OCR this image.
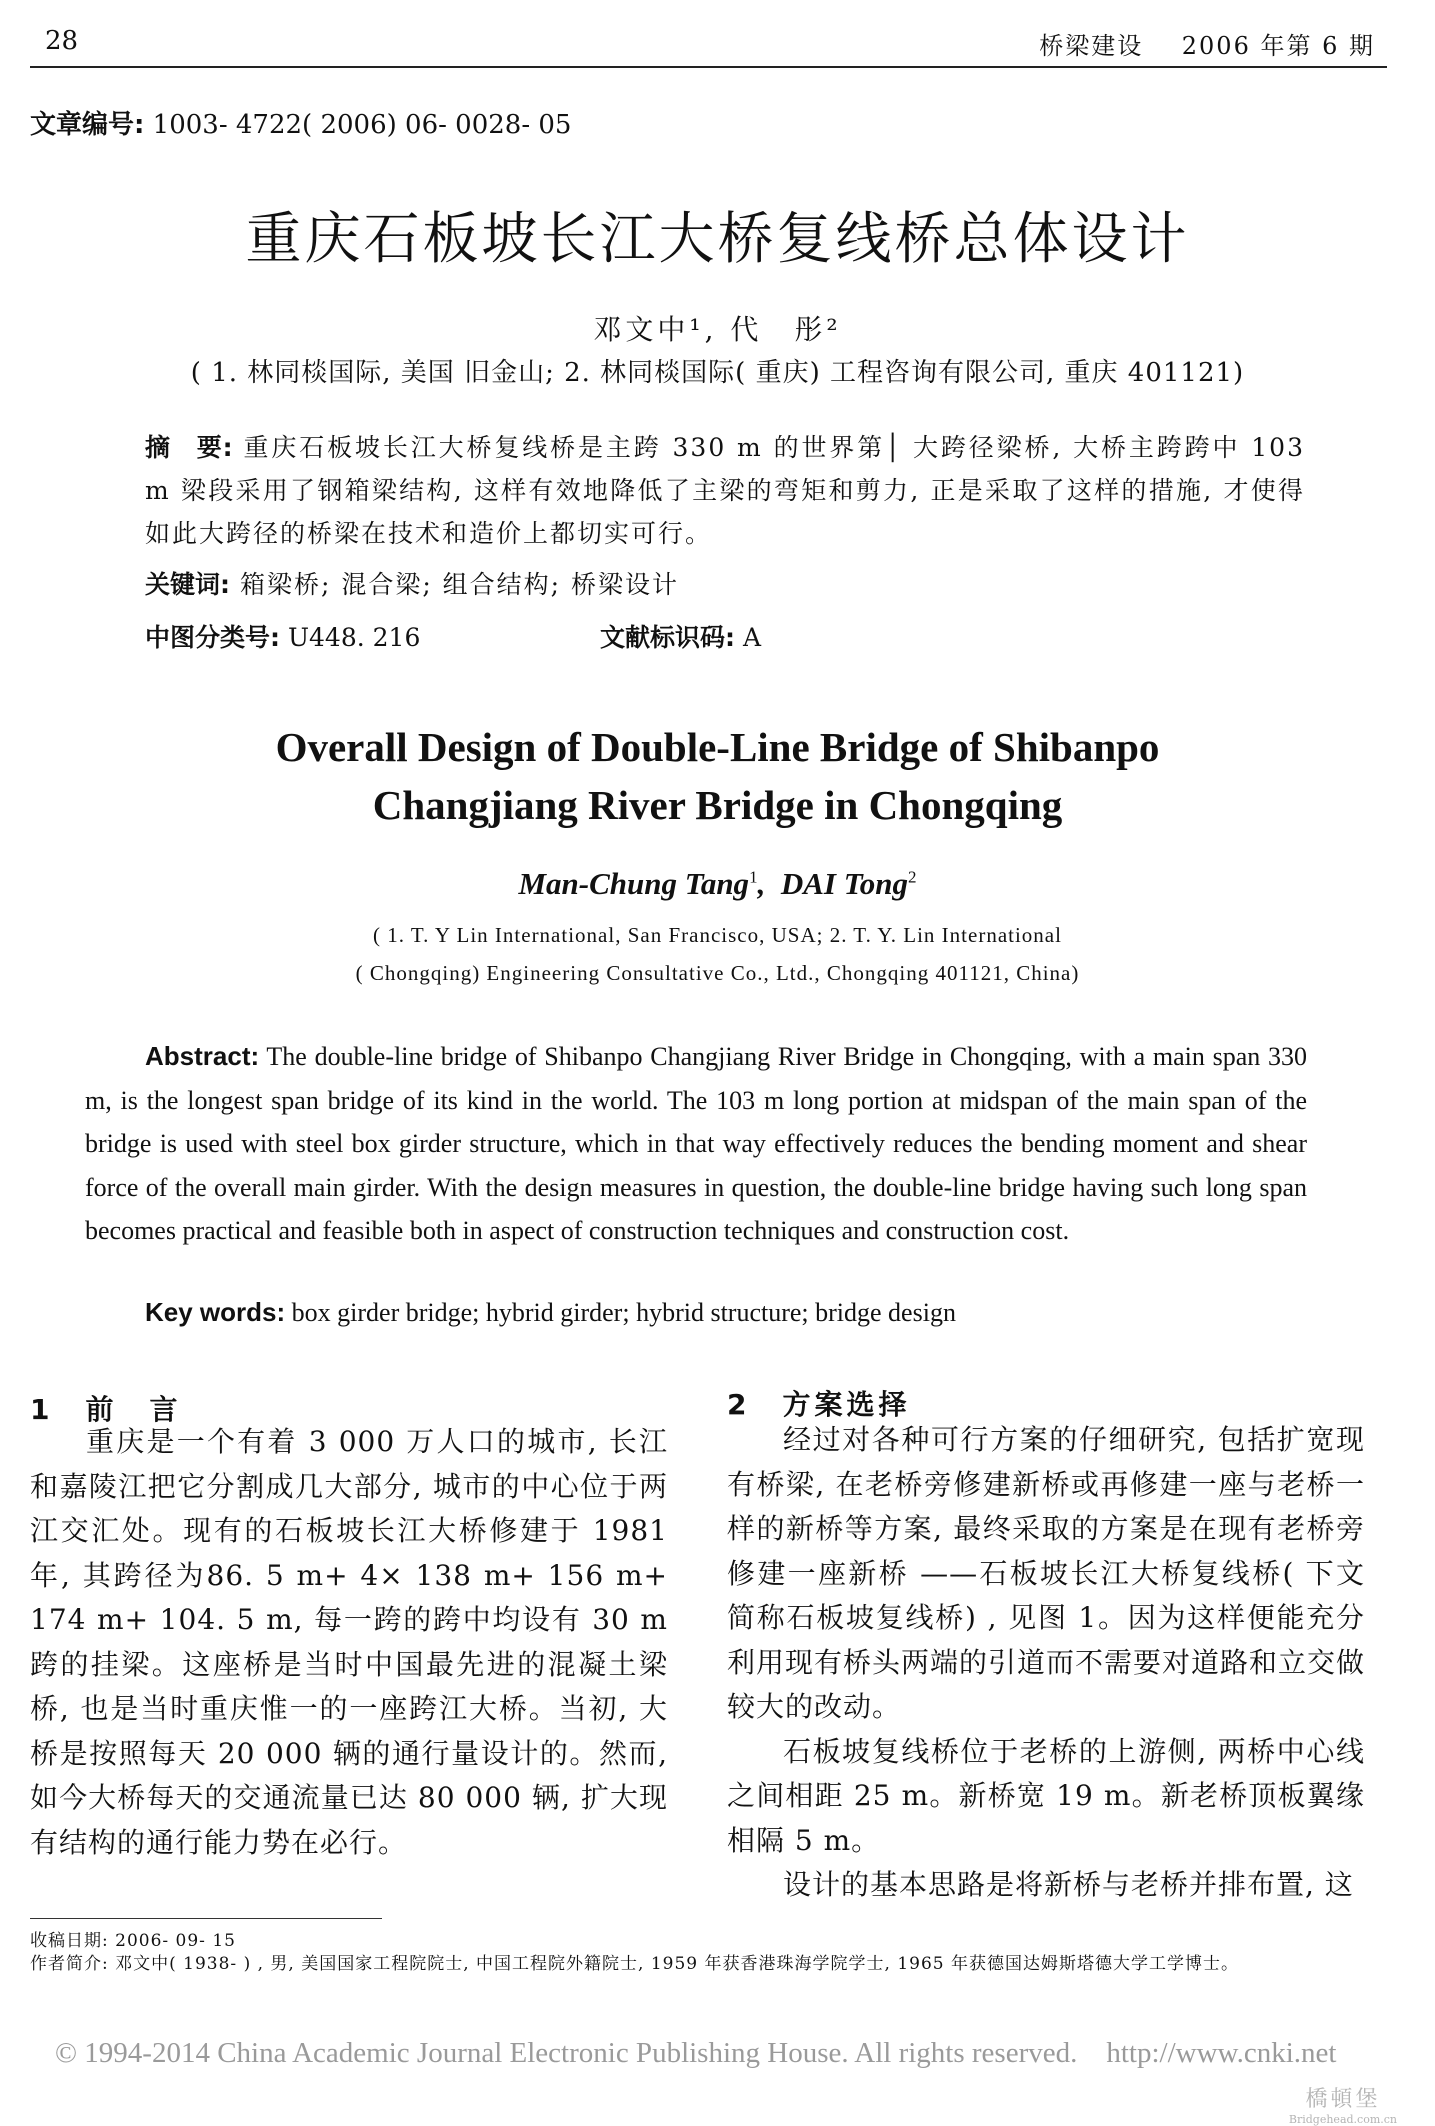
28	桥梁建设    2006 年第 6 期
文章编号: 1003- 4722( 2006) 06- 0028- 05
重庆石板坡长江大桥复线桥总体设计
邓文中¹, 代　彤²
( 1. 林同棪国际, 美国 旧金山; 2. 林同棪国际( 重庆) 工程咨询有限公司, 重庆 401121)
摘　要: 重庆石板坡长江大桥复线桥是主跨 330 m 的世界第│ 大跨径梁桥, 大桥主跨跨中 103 m 梁段采用了钢箱梁结构, 这样有效地降低了主梁的弯矩和剪力, 正是采取了这样的措施, 才使得如此大跨径的桥梁在技术和造价上都切实可行。
关键词: 箱梁桥; 混合梁; 组合结构; 桥梁设计
中图分类号: U448. 216	文献标识码: A
Overall Design of Double-Line Bridge of Shibanpo
Changjiang River Bridge in Chongqing
Man-Chung Tang$^1$,  DAI Tong$^2$
( 1. T. Y Lin International, San Francisco, USA; 2. T. Y. Lin International
( Chongqing) Engineering Consultative Co., Ltd., Chongqing 401121, China)
Abstract: The double-line bridge of Shibanpo Changjiang River Bridge in Chongqing, with a main span 330 m, is the longest span bridge of its kind in the world. The 103 m long portion at midspan of the main span of the bridge is used with steel box girder structure, which in that way effectively reduces the bending moment and shear force of the overall main girder. With the design measures in question, the double-line bridge having such long span becomes practical and feasible both in aspect of construction techniques and construction cost.
Key words: box girder bridge; hybrid girder; hybrid structure; bridge design
1　前　言

重庆是一个有着 3 000 万人口的城市, 长江和嘉陵江把它分割成几大部分, 城市的中心位于两江交汇处。现有的石板坡长江大桥修建于 1981 年, 其跨径为86. 5 m+ 4× 138 m+ 156 m+ 174 m+ 104. 5 m, 每一跨的跨中均设有 30 m 跨的挂梁。这座桥是当时中国最先进的混凝土梁桥, 也是当时重庆惟一的一座跨江大桥。当初, 大桥是按照每天 20 000 辆的通行量设计的。然而, 如今大桥每天的交通流量已达 80 000 辆, 扩大现有结构的通行能力势在必行。

2　方案选择

经过对各种可行方案的仔细研究, 包括扩宽现有桥梁, 在老桥旁修建新桥或再修建一座与老桥一样的新桥等方案, 最终采取的方案是在现有老桥旁修建一座新桥 ——石板坡长江大桥复线桥( 下文简称石板坡复线桥) , 见图 1。因为这样便能充分利用现有桥头两端的引道而不需要对道路和立交做较大的改动。

石板坡复线桥位于老桥的上游侧, 两桥中心线之间相距 25 m。新桥宽 19 m。新老桥顶板翼缘相隔 5 m。

设计的基本思路是将新桥与老桥并排布置, 这

收稿日期: 2006- 09- 15
作者简介: 邓文中( 1938- ) , 男, 美国国家工程院院士, 中国工程院外籍院士, 1959 年获香港珠海学院学士, 1965 年获德国达姆斯塔德大学工学博士。
© 1994-2014 China Academic Journal Electronic Publishing House. All rights reserved.    http://www.cnki.net
橋頓堡
Bridgehead.com.cn
